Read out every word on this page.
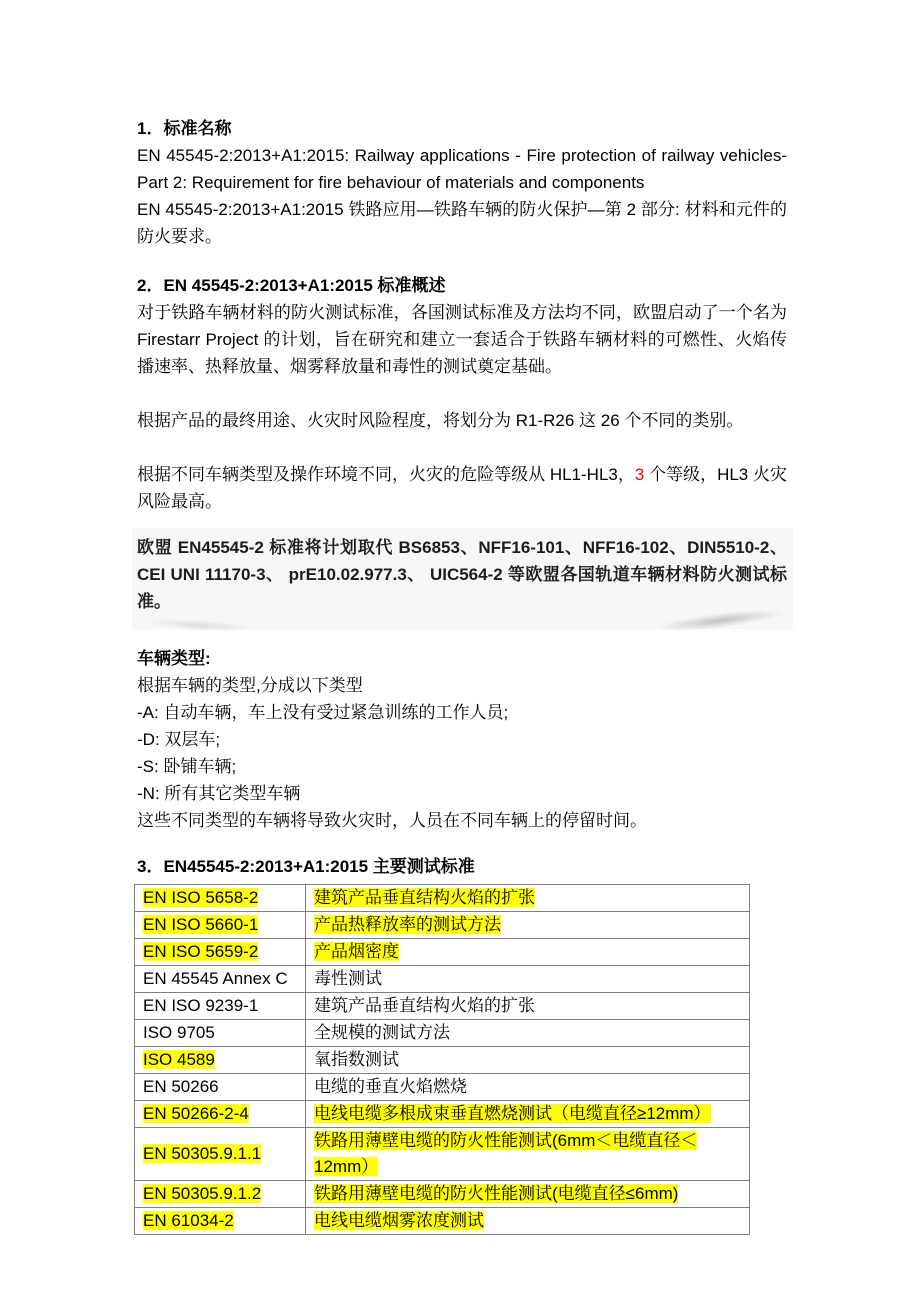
1．标准名称

EN 45545-2:2013+A1:2015: Railway applications - Fire protection of railway vehicles-Part 2: Requirement for fire behaviour of materials and components

EN 45545-2:2013+A1:2015 铁路应用—铁路车辆的防火保护—第 2 部分: 材料和元件的防火要求。

2．EN 45545-2:2013+A1:2015 标准概述

对于铁路车辆材料的防火测试标准，各国测试标准及方法均不同，欧盟启动了一个名为 Firestarr Project 的计划，旨在研究和建立一套适合于铁路车辆材料的可燃性、火焰传播速率、热释放量、烟雾释放量和毒性的测试奠定基础。

根据产品的最终用途、火灾时风险程度，将划分为 R1-R26 这 26 个不同的类别。

根据不同车辆类型及操作环境不同，火灾的危险等级从 HL1-HL3，3 个等级，HL3 火灾风险最高。

欧盟 EN45545-2 标准将计划取代 BS6853、NFF16-101、NFF16-102、DIN5510-2、CEI UNI 11170-3、 prE10.02.977.3、 UIC564-2 等欧盟各国轨道车辆材料防火测试标准。

车辆类型:

根据车辆的类型,分成以下类型

-A: 自动车辆，车上没有受过紧急训练的工作人员;

-D: 双层车;

-S: 卧铺车辆;

-N: 所有其它类型车辆

这些不同类型的车辆将导致火灾时，人员在不同车辆上的停留时间。

3．EN45545-2:2013+A1:2015 主要测试标准
EN ISO 5658-2	建筑产品垂直结构火焰的扩张
EN ISO 5660-1	产品热释放率的测试方法
EN ISO 5659-2	产品烟密度
EN 45545 Annex C	毒性测试
EN ISO 9239-1	建筑产品垂直结构火焰的扩张
ISO 9705	全规模的测试方法
ISO 4589	氧指数测试
EN 50266	电缆的垂直火焰燃烧
EN 50266-2-4	电线电缆多根成束垂直燃烧测试（电缆直径≥12mm）
EN 50305.9.1.1	铁路用薄壁电缆的防火性能测试(6mm＜电缆直径＜12mm）
EN 50305.9.1.2	铁路用薄壁电缆的防火性能测试(电缆直径≤6mm)
EN 61034-2	电线电缆烟雾浓度测试
